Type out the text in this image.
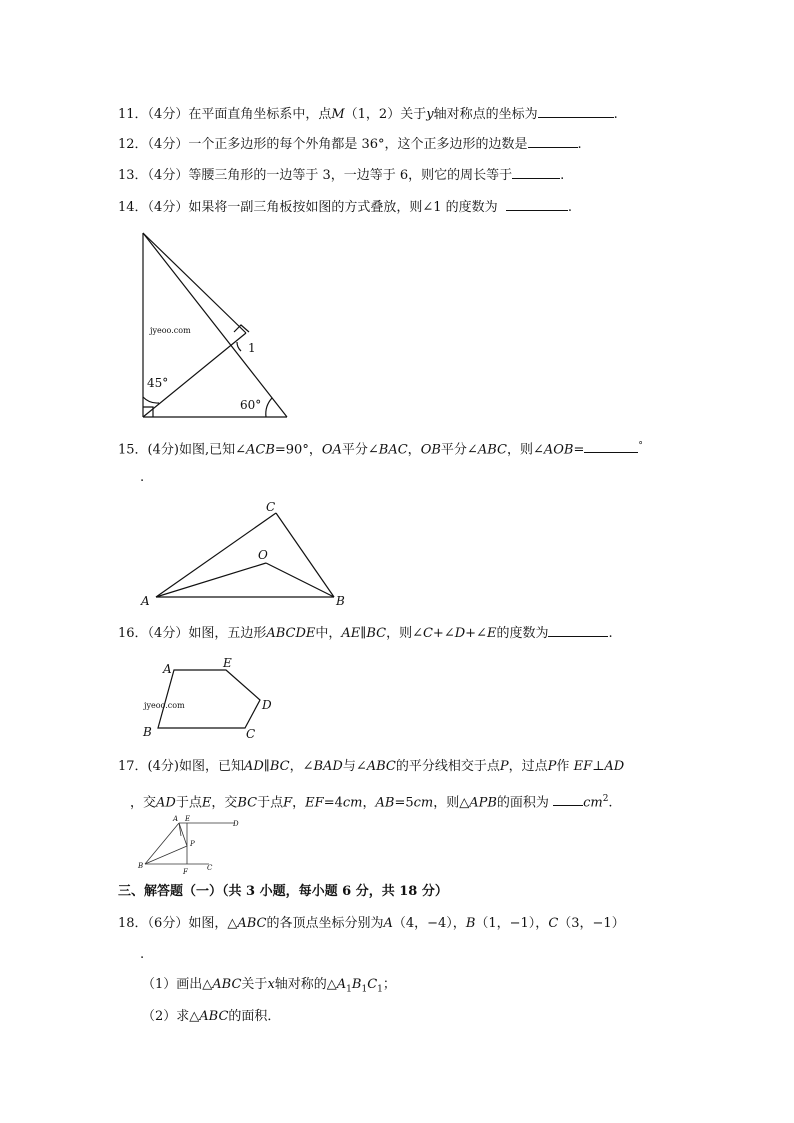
11．（4分）在平面直角坐标系中，点M（1，2）关于y轴对称点的坐标为	.
12．（4分）一个正多边形的每个外角都是 36°，这个正多边形的边数是	.
13．（4分）等腰三角形的一边等于 3，一边等于 6，则它的周长等于	.
14．（4分）如果将一副三角板按如图的方式叠放，则∠1 的度数为	.
45°
60°
1
jyeoo.com
15．(4分)如图,已知∠ACB=90°，OA平分∠BAC，OB平分∠ABC，则∠AOB=	°
.
A	B
C
O
16．（4分）如图，五边形ABCDE中，AE∥BC，则∠C+∠D+∠E的度数为	.
A	E
D
C
B
jyeoo.com
17．(4分)如图，已知AD∥BC，∠BAD与∠ABC的平分线相交于点P，过点P作 EF⊥AD
，交AD于点E，交BC于点F，EF=4cm，AB=5cm，则△APB的面积为	$cm^2$.
A E
D
P
B
F	C
三、解答题（一）（共 3 小题，每小题 6 分，共 18 分）
18．（6分）如图，△ABC的各顶点坐标分别为A（4，−4），B（1，−1），C（3，−1）
.
（1）画出△ABC关于x轴对称的$\triangle A_1B_1C_1$；
（2）求△ABC的面积．
